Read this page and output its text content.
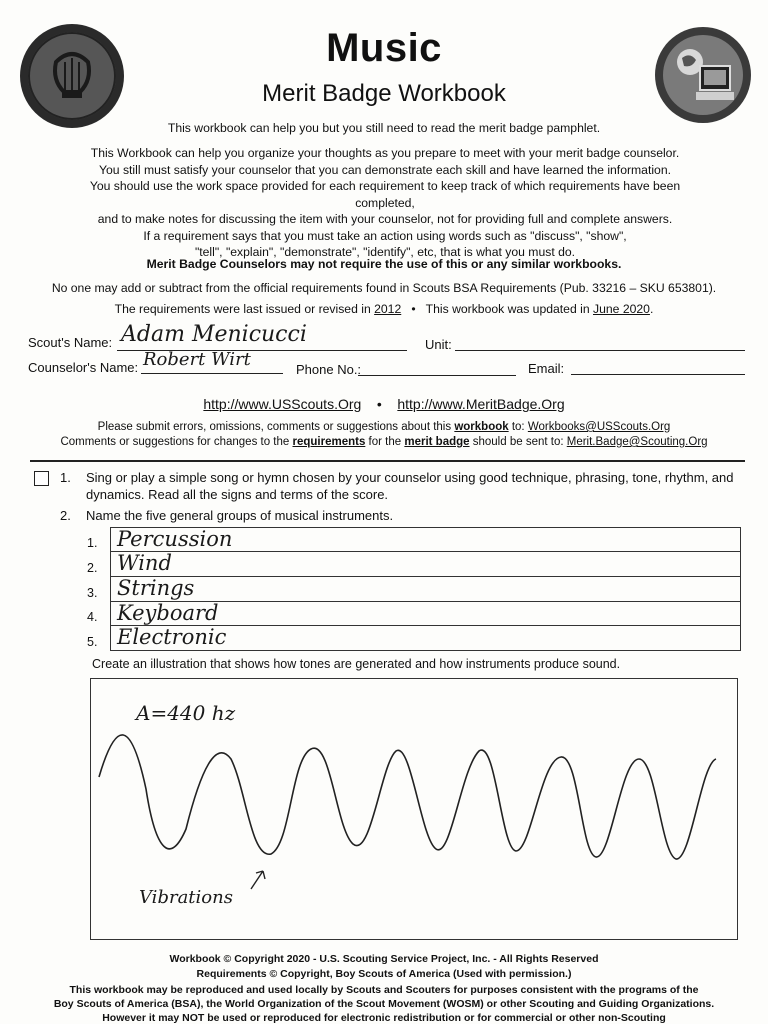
Music
Merit Badge Workbook
This workbook can help you but you still need to read the merit badge pamphlet.
This Workbook can help you organize your thoughts as you prepare to meet with your merit badge counselor.
You still must satisfy your counselor that you can demonstrate each skill and have learned the information.
You should use the work space provided for each requirement to keep track of which requirements have been completed,
and to make notes for discussing the item with your counselor, not for providing full and complete answers.
If a requirement says that you must take an action using words such as "discuss", "show",
"tell", "explain", "demonstrate", "identify", etc, that is what you must do.
Merit Badge Counselors may not require the use of this or any similar workbooks.
No one may add or subtract from the official requirements found in Scouts BSA Requirements (Pub. 33216 – SKU 653801).
The requirements were last issued or revised in 2012 • This workbook was updated in June 2020.
Scout's Name: Adam Menicucci	Unit:
Counselor's Name: Robert Wirt	Phone No.:	Email:
http://www.USScouts.Org • http://www.MeritBadge.Org
Please submit errors, omissions, comments or suggestions about this workbook to: Workbooks@USScouts.Org
Comments or suggestions for changes to the requirements for the merit badge should be sent to: Merit.Badge@Scouting.Org
1. Sing or play a simple song or hymn chosen by your counselor using good technique, phrasing, tone, rhythm, and
dynamics. Read all the signs and terms of the score.
2. Name the five general groups of musical instruments.
1. Percussion
2. Wind
3. Strings
4. Keyboard
5. Electronic
Create an illustration that shows how tones are generated and how instruments produce sound.
A=440 hz
Vibrations
Workbook © Copyright 2020 - U.S. Scouting Service Project, Inc. - All Rights Reserved
Requirements © Copyright, Boy Scouts of America (Used with permission.)
This workbook may be reproduced and used locally by Scouts and Scouters for purposes consistent with the programs of the
Boy Scouts of America (BSA), the World Organization of the Scout Movement (WOSM) or other Scouting and Guiding Organizations.
However it may NOT be used or reproduced for electronic redistribution or for commercial or other non-Scouting
